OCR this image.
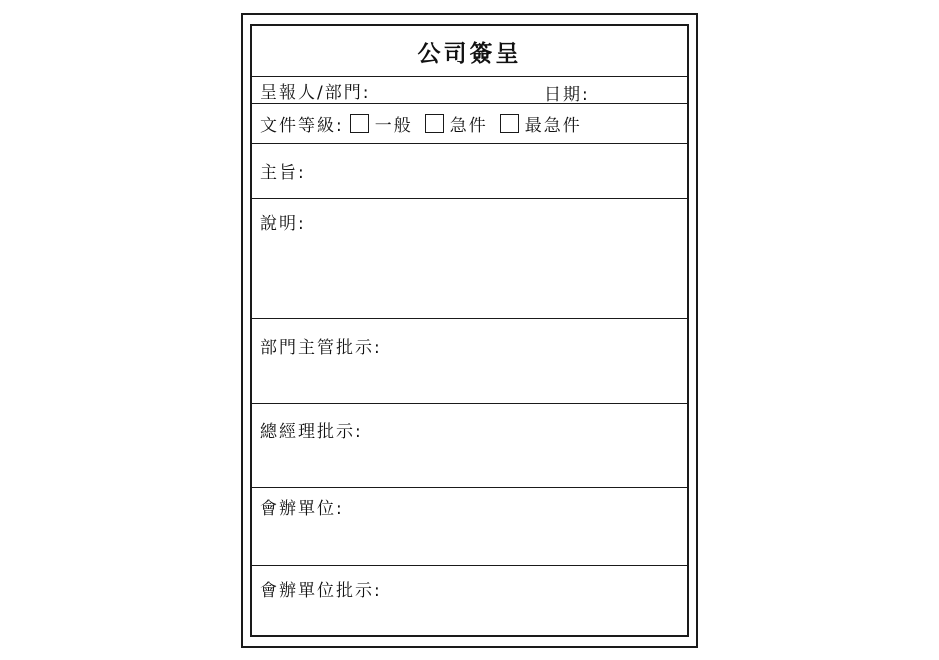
公司簽呈
呈報人/部門:	日期:
文件等級: 一般 急件 最急件
主旨:
說明:
部門主管批示:
總經理批示:
會辦單位:
會辦單位批示:
